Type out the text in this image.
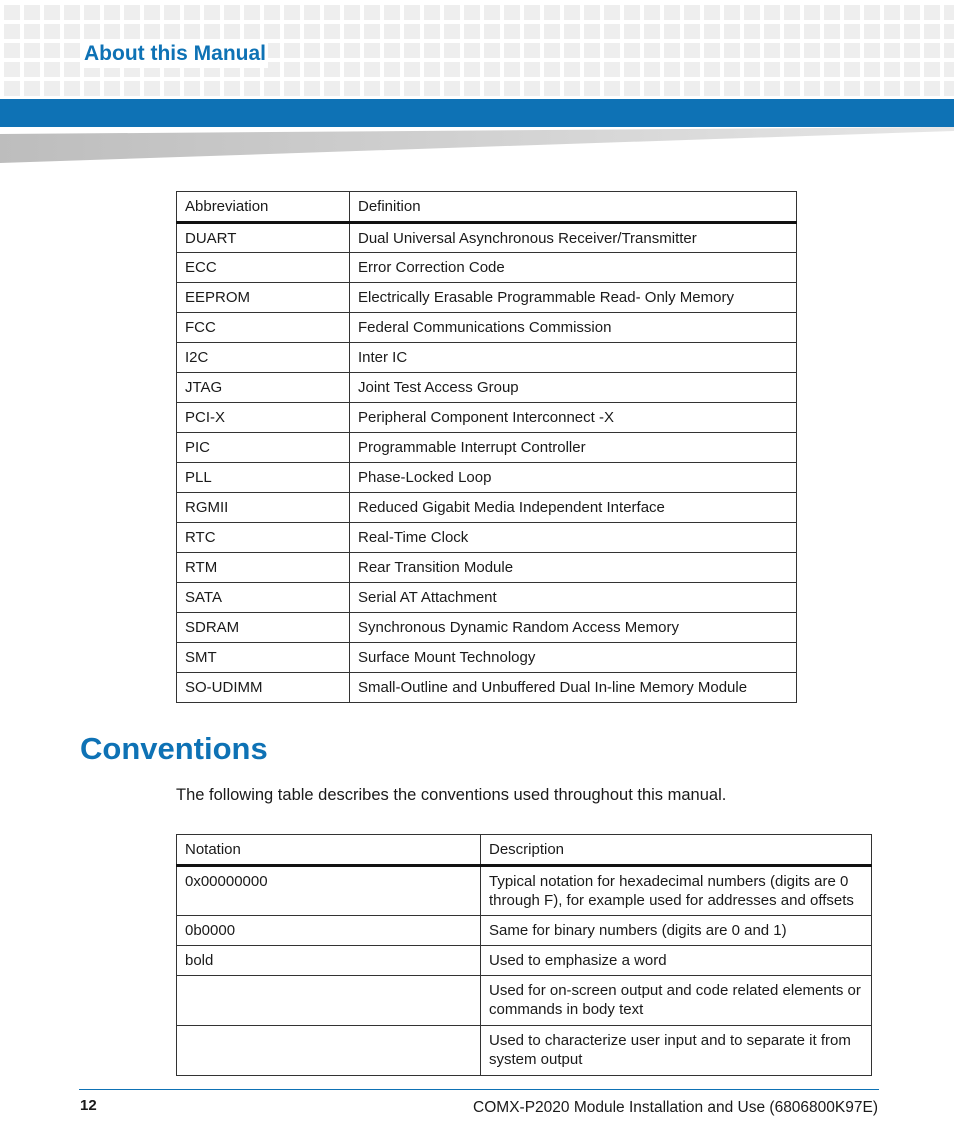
About this Manual
Abbreviation	Definition
DUART	Dual Universal Asynchronous Receiver/Transmitter
ECC	Error Correction Code
EEPROM	Electrically Erasable Programmable Read- Only Memory
FCC	Federal Communications Commission
I2C	Inter IC
JTAG	Joint Test Access Group
PCI-X	Peripheral Component Interconnect -X
PIC	Programmable Interrupt Controller
PLL	Phase-Locked Loop
RGMII	Reduced Gigabit Media Independent Interface
RTC	Real-Time Clock
RTM	Rear Transition Module
SATA	Serial AT Attachment
SDRAM	Synchronous Dynamic Random Access Memory
SMT	Surface Mount Technology
SO-UDIMM	Small-Outline and Unbuffered Dual In-line Memory Module
Conventions
The following table describes the conventions used throughout this manual.
Notation	Description
0x00000000	Typical notation for hexadecimal numbers (digits are 0 through F), for example used for addresses and offsets
0b0000	Same for binary numbers (digits are 0 and 1)
bold	Used to emphasize a word
	Used for on-screen output and code related elements or commands in body text
	Used to characterize user input and to separate it from system output
12	COMX-P2020 Module Installation and Use (6806800K97E)
